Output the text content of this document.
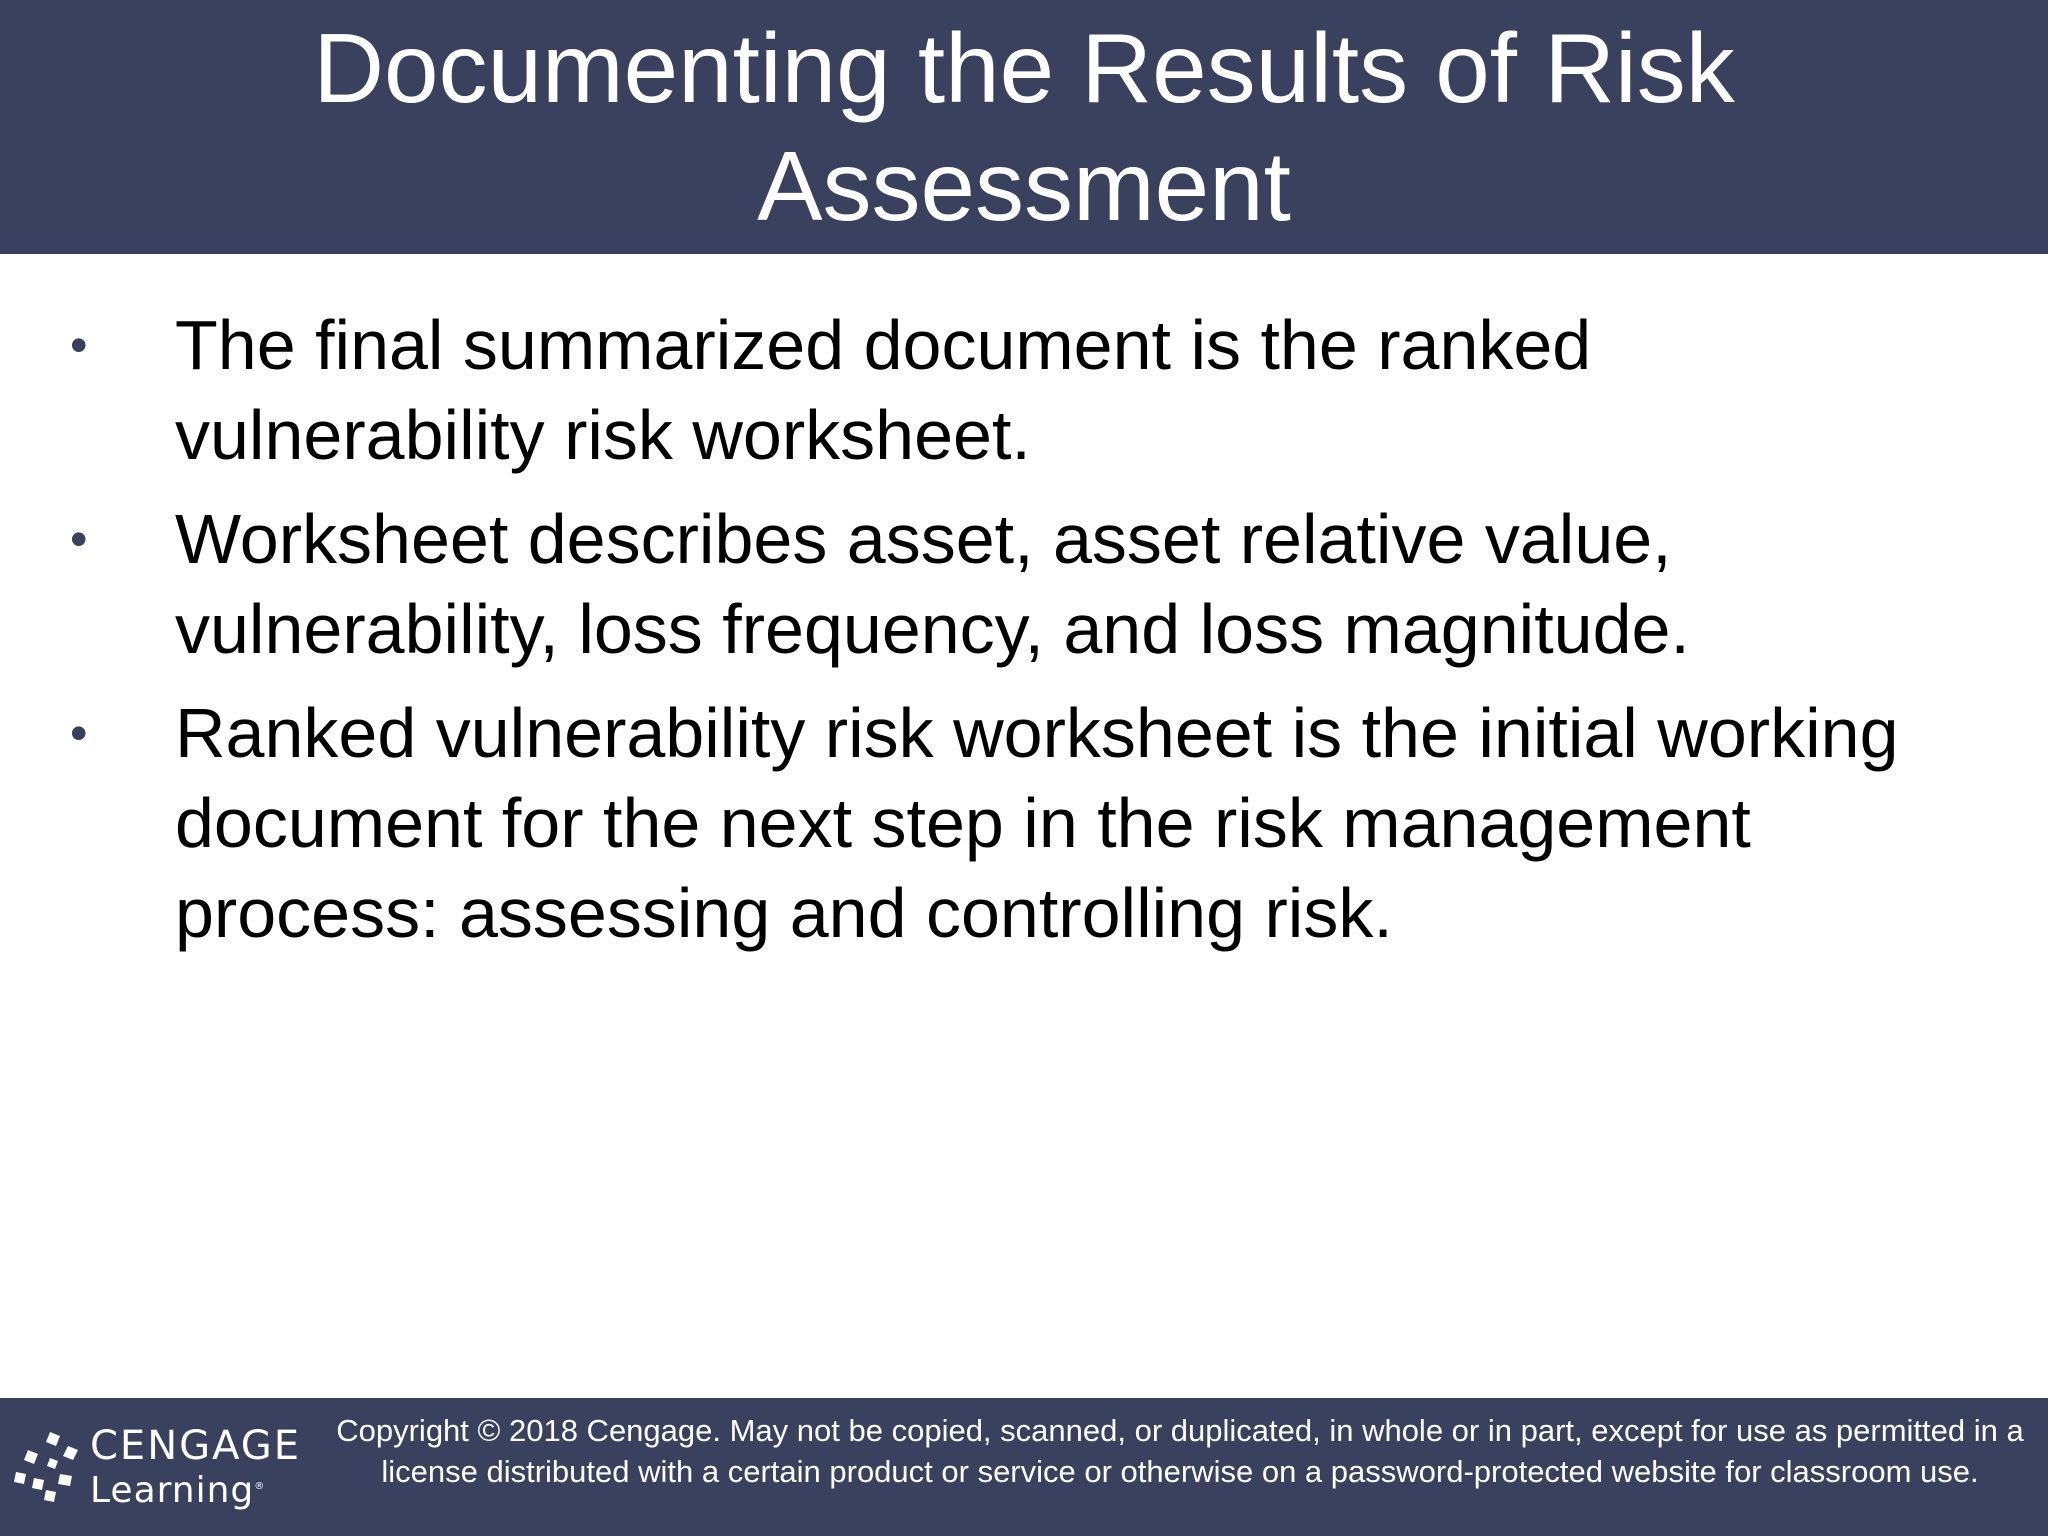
Documenting the Results of Risk Assessment
• The final summarized document is the ranked vulnerability risk worksheet.
• Worksheet describes asset, asset relative value, vulnerability, loss frequency, and loss magnitude.
• Ranked vulnerability risk worksheet is the initial working document for the next step in the risk management process: assessing and controlling risk.
CENGAGE
Learning®
Copyright © 2018 Cengage. May not be copied, scanned, or duplicated, in whole or in part, except for use as permitted in a license distributed with a certain product or service or otherwise on a password-protected website for classroom use.
